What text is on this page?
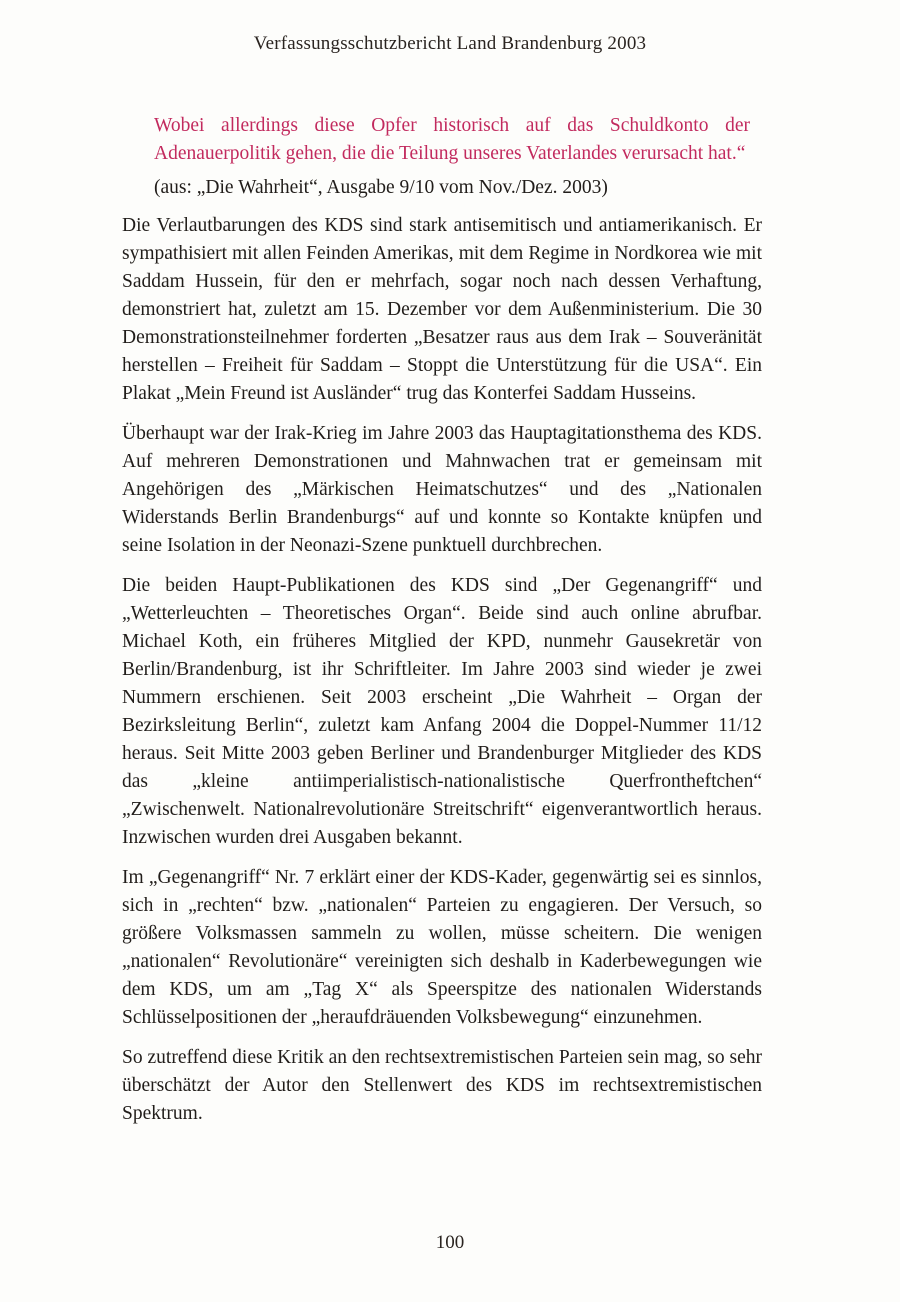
Verfassungsschutzbericht Land Brandenburg 2003

Wobei allerdings diese Opfer historisch auf das Schuldkonto der Adenauerpolitik gehen, die die Teilung unseres Vaterlandes verursacht hat.“

(aus: „Die Wahrheit“, Ausgabe 9/10 vom Nov./Dez. 2003)

Die Verlautbarungen des KDS sind stark antisemitisch und antiamerikanisch. Er sympathisiert mit allen Feinden Amerikas, mit dem Regime in Nordkorea wie mit Saddam Hussein, für den er mehrfach, sogar noch nach dessen Verhaftung, demonstriert hat, zuletzt am 15. Dezember vor dem Außenministerium. Die 30 Demonstrationsteilnehmer forderten „Besatzer raus aus dem Irak – Souveränität herstellen – Freiheit für Saddam – Stoppt die Unterstützung für die USA“. Ein Plakat „Mein Freund ist Ausländer“ trug das Konterfei Saddam Husseins.

Überhaupt war der Irak-Krieg im Jahre 2003 das Hauptagitationsthema des KDS. Auf mehreren Demonstrationen und Mahnwachen trat er gemeinsam mit Angehörigen des „Märkischen Heimatschutzes“ und des „Nationalen Widerstands Berlin Brandenburgs“ auf und konnte so Kontakte knüpfen und seine Isolation in der Neonazi-Szene punktuell durchbrechen.

Die beiden Haupt-Publikationen des KDS sind „Der Gegenangriff“ und „Wetterleuchten – Theoretisches Organ“. Beide sind auch online abrufbar. Michael Koth, ein früheres Mitglied der KPD, nunmehr Gausekretär von Berlin/Brandenburg, ist ihr Schriftleiter. Im Jahre 2003 sind wieder je zwei Nummern erschienen. Seit 2003 erscheint „Die Wahrheit – Organ der Bezirksleitung Berlin“, zuletzt kam Anfang 2004 die Doppel-Nummer 11/12 heraus. Seit Mitte 2003 geben Berliner und Brandenburger Mitglieder des KDS das „kleine antiimperialistisch-nationalistische Querfrontheftchen“ „Zwischenwelt. Nationalrevolutionäre Streitschrift“ eigenverantwortlich heraus. Inzwischen wurden drei Ausgaben bekannt.

Im „Gegenangriff“ Nr. 7 erklärt einer der KDS-Kader, gegenwärtig sei es sinnlos, sich in „rechten“ bzw. „nationalen“ Parteien zu engagieren. Der Versuch, so größere Volksmassen sammeln zu wollen, müsse scheitern. Die wenigen „nationalen“ Revolutionäre“ vereinigten sich deshalb in Kaderbewegungen wie dem KDS, um am „Tag X“ als Speerspitze des nationalen Widerstands Schlüsselpositionen der „heraufdräuenden Volksbewegung“ einzunehmen.

So zutreffend diese Kritik an den rechtsextremistischen Parteien sein mag, so sehr überschätzt der Autor den Stellenwert des KDS im rechtsextremistischen Spektrum.

100
